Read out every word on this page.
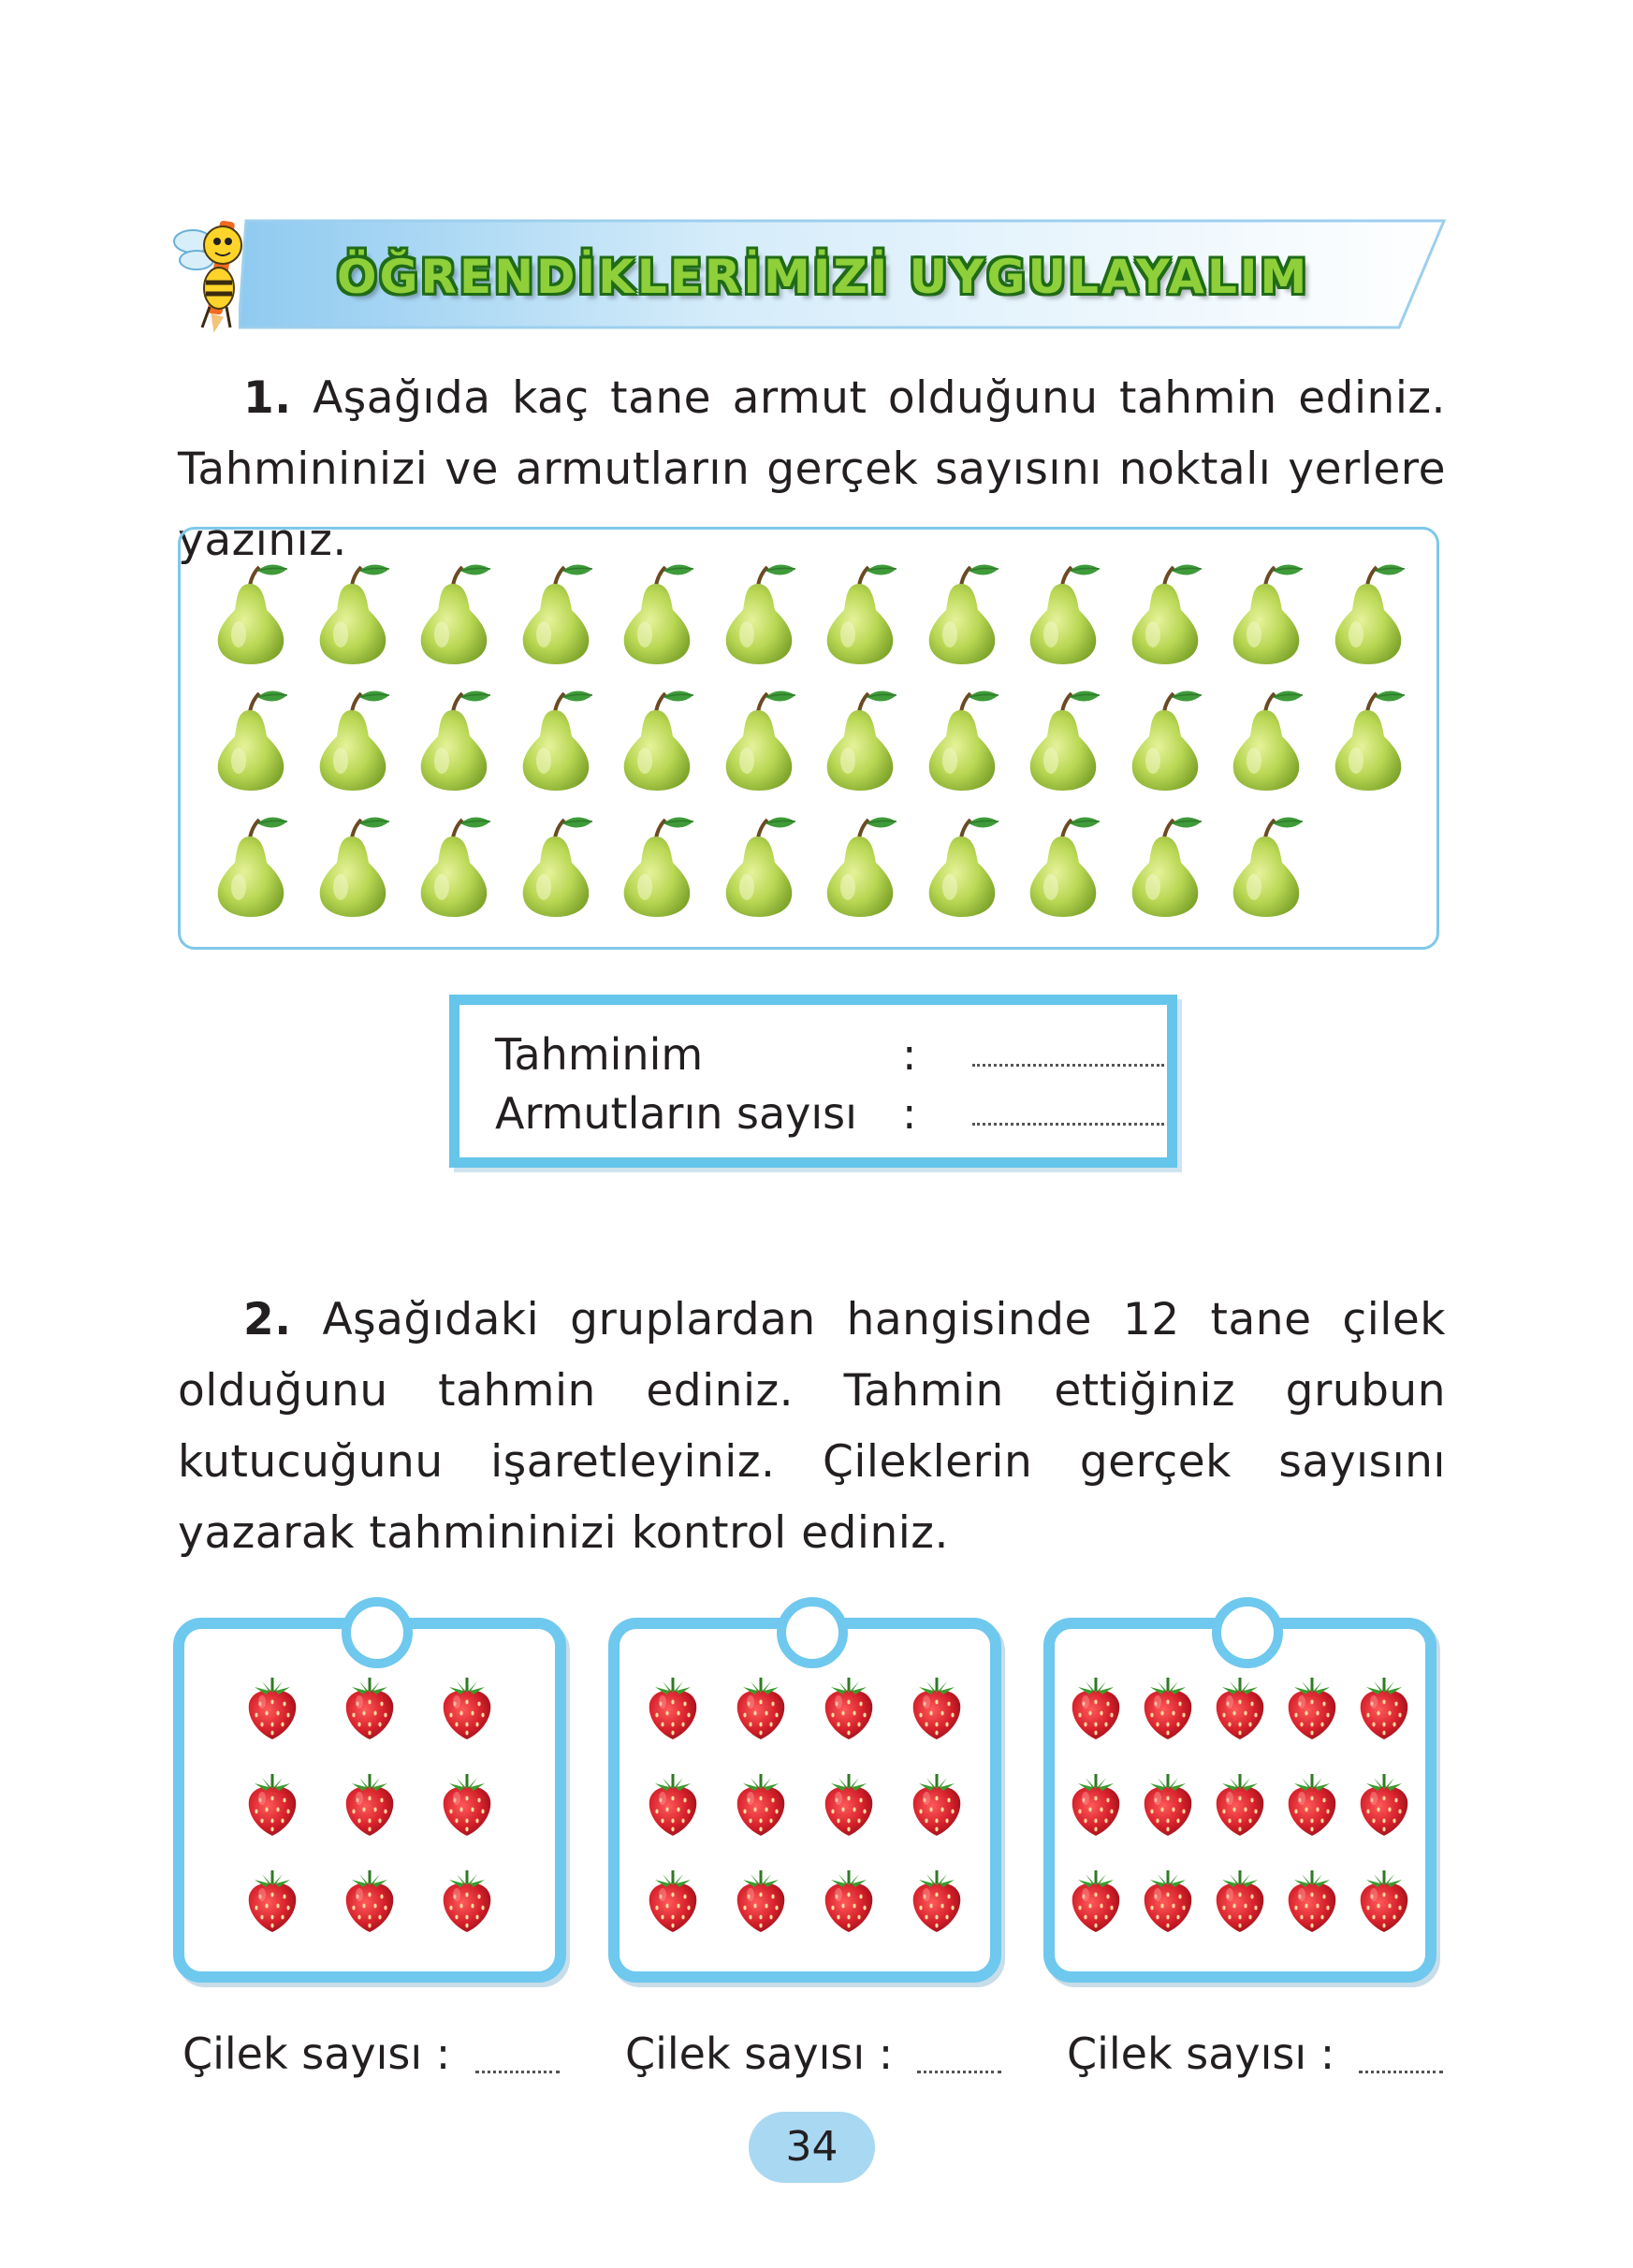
ÖĞRENDİKLERİMİZİ UYGULAYALIM
1. Aşağıda kaç tane armut olduğunu tahmin ediniz. Tahmininizi ve armutların gerçek sayısını noktalı yerlere yazınız.
Tahminim	:
Armutların sayısı :
2. Aşağıdaki gruplardan hangisinde 12 tane çilek olduğunu tahmin ediniz. Tahmin ettiğiniz grubun kutucuğunu işaretleyiniz. Çileklerin gerçek sayısını yazarak tahmininizi kontrol ediniz.
Çilek sayısı :	Çilek sayısı :	Çilek sayısı :
34
